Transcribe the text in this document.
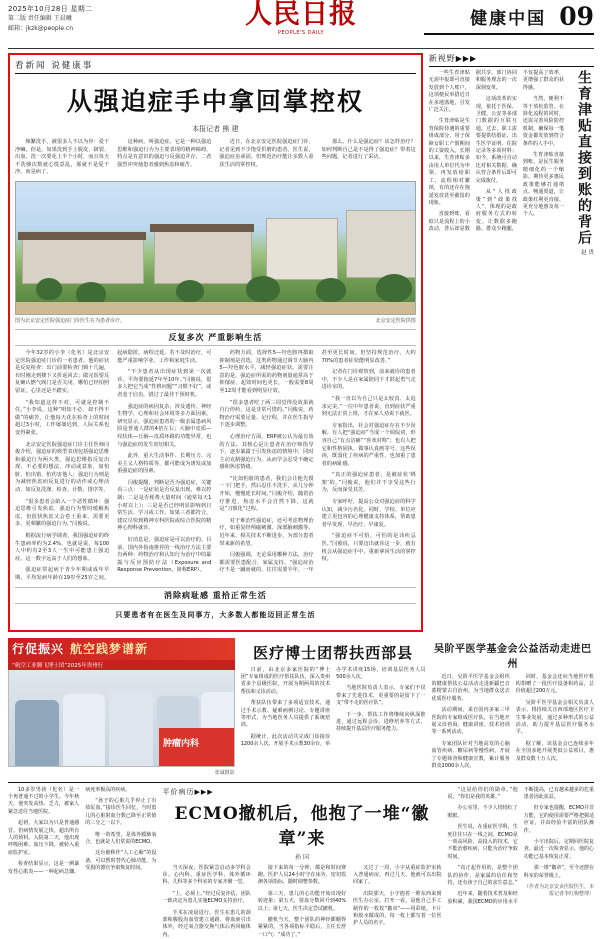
2025年10月28日 星期二
第二版 责任编辑 王晨曦
邮箱：jkzk@people.cn	人民日报
PEOPLE'S DAILY
健康中国 09
看新闻 说健康事
从强迫症手中拿回掌控权
本报记者 熊 建

频繁洗手，被很多人不以为异：爱干净嘛。但是，如果洗到手上脱皮、皲裂、出血，洗一次要花上半个小时，而且每天不洗够次数就心慌意乱，那就不是爱干净，而是病了。

这种病，叫强迫症。它是一种以强迫思维和强迫行为为主要表现的精神障碍，特点是有意识的强迫与反强迫并存，二者强烈冲突使患者感到焦虑和痛苦。

近日，在北京安定医院强迫症门诊，记者见到不少饱受折磨的患者。医生说，强迫症虽顽固，但规范治疗能让多数人重获生活的掌控权。

那么，什么是强迫症？该怎样治疗？如何判断自己是不是得了强迫症？带着这些问题，记者进行了采访。

图为北京安定医院强迫症门诊医生在为患者诊疗。	北京安定医院供图
反复多次 严重影响生活

今年32岁的小李（化名）是北京安定医院强迫症门诊的一名患者。他的症状是反复检查：出门前要检查门锁十几遍，有时刚走到楼下又折返回去；做完饭要反复确认燃气阀门是否关闭，哪怕已经拍照留证，心里还是不踏实。

“我知道这样不对，可就是控制不住。”小李说，这种“明知不必、却不得不做”的痛苦，让他每天花在检查上的时间超过3小时，工作屡屡迟到，人际关系也变得紧张。

北京安定医院强迫症门诊主任医师闫俊介绍，强迫症的典型表现包括强迫思维和强迫行为两大类。强迫思维指反复出现、不必要的想法、冲动或意象，如怕脏、怕出错、怕伤害他人；强迫行为则是为减轻焦虑而反复进行的动作或心理活动，如反复洗涤、检查、计数、排序等。

“很多患者会陷入一个恶性循环：强迫思维引发焦虑，强迫行为暂时缓解焦虑，但很快焦虑又会卷土重来，需要更多、更频繁的强迫行为。”闫俊说。

根据流行病学调查，我国强迫症的终生患病率约为2.4%，也就是说，每100人中约有2至3人一生中可能患上强迫症。这一数字远高于人们的想象。

强迫症常起病于青少年期或成年早期，平均发病年龄在19岁至25岁之间。起病隐匿，病程迁延，若不及时治疗，可能严重影响学业、工作和家庭生活。

“不少患者从出现症状到第一次就诊，平均要拖延7年至10年。”闫俊说，很多人把它当成“性格问题”“习惯不好”，或者羞于启齿，错过了最佳干预时机。

强迫症的病因复杂，涉及遗传、神经生物学、心理和社会环境等多方面因素。研究显示，强迫症患者的一级亲属患病风险是普通人群的4倍左右；大脑中皮质—纹状体—丘脑—皮质环路的功能异常，也与强迫症的发生密切相关。

此外，重大生活事件、长期压力、完美主义人格特质等，都可能成为诱发或加重强迫症的因素。

闫俊提醒，判断是否为强迫症，关键看三点：一是症状是否反复出现、难以控制；二是是否耗费大量时间（通常每天1小时以上）；三是是否已经明显影响到日常生活、学习或工作。如果三者都符合，建议尽快到精神专科医院或综合医院的精神心理科就诊。

好消息是，强迫症是可以治疗的。目前，国内外指南推荐的一线治疗方法主要有两种：药物治疗和认知行为治疗中的暴露与反应预防疗法（Exposure and Response Prevention，简称ERP）。

药物方面，选择性5—羟色胺再摄取抑制剂是首选。这类药物通过调节大脑内5—羟色胺水平，减轻强迫症状。需要注意的是，强迫症所需的药物剂量通常高于抑郁症，起效时间也更长，一般需要8周至12周才能看到明显疗效。

“很多患者吃了两三周觉得没效果就自行停药，这是非常可惜的。”闫俊说，药物治疗需要足量、足疗程，并在医生指导下逐步调整。

心理治疗方面，ERP被公认为最有效的方法。其核心是让患者在治疗师指导下，逐步暴露于引发焦虑的情境中，同时主动克制强迫行为，从而学会忍受不确定感和焦虑情绪。

“比如怕脏的患者，我们会让他先摸一下门把手，然后忍住不洗手，从几分钟开始，慢慢延长时间。”闫俊介绍，随着治疗推进，焦虑水平会自然下降，这就是“习惯化”过程。

对于难治性强迫症，还可考虑物理治疗，如重复经颅磁刺激、深部脑刺激等。近年来，相关技术不断进步，为部分患者带来新的希望。

闫俊强调，无论采用哪种方法，治疗都需要医患配合、家属支持。“强迫症治疗不是一蹴而就的，往往需要半年、一年甚至更长时间。但坚持规范治疗，大约70%的患者症状能明显改善。”

记者在门诊观察到，前来就诊的患者中，不少人是在家属陪同下才鼓起勇气走进诊室的。

“我一直以为自己只是太较真、太追求完美。”一位中年患者说，直到症状严重到无法正常上班，才在家人劝说下就医。

专家指出，社会对强迫症存在不少误解。有人把“强迫症”当成一个调侃词，形容自己“有点洁癖”“喜欢对称”；也有人把它和性格固执、做事认真画等号。这些误读，既弱化了疾病的严重性，也加重了患者的病耻感。

“真正的强迫症患者，是被症状‘绑架’的。”闫俊说，他们并不享受这些行为，反而深受其苦。

专家呼吁，提高公众对强迫症的科学认知，减少污名化。同时，学校、单位应建立更包容的心理健康支持体系，帮助患者早发现、早治疗、早康复。

“强迫症不可怕，可怕的是讳疾忌医。”闫俊说，只要迈出就诊这一步，就有机会从强迫症手中，重新拿回生活的掌控权。

消除病耻感 重拾正常生活
只要患者有在医生及同事方，大多数人都能迈回正常生活
新视野▶▶▶

一些生育津贴无需申报即可直接发放到个人账户，这项便民举措近日在多地落地，引发广泛关注。

生育津贴是生育保险待遇的重要组成部分，用于保障女职工产假期间的工资收入。长期以来，生育津贴多由用人单位代为申领、再发放给职工，流程相对繁琐，有的还存在拖延发放甚至截留的现象。

直接到账，看似只是流程上的小改动，背后却是数据共享、部门协同和服务理念的一次深刻变革。

这项改革的实现，依托于医保、卫健、公安等多部门数据的互联互通。过去，职工需要提供结婚证、出生医学证明、住院记录等多项材料；如今，系统可自动比对相关数据，确认符合条件后即可完成拨付。

从“人找政策”到“政策找人”，体现的是政府服务方式的转变。让数据多跑路、群众少跑腿，不仅提高了效率，更增强了群众的获得感。

当然，便利不等于放松监管。在简化流程的同时，还需完善风险防控机制，确保每一笔资金都发放到符合条件的人手中。

生育津贴直接到账，是民生服务精细化的一个缩影。期待更多惠民政策能够打通堵点、畅通渠道，让政策红利更直接、更充分地惠及每一个人。	生育津贴直接到账的背后
赵 贵
行促振兴 航空践梦谱新
“航空工业腾飞博士团”2025年贵州行
肿瘤内科
张诚摄影
医疗博士团帮扶西部县

日前，由北京多家医院的“博士团”专家组成的医疗帮扶队伍，深入贵州省多个县级医院，开展为期两周的技术帮扶和义诊活动。

帮扶队伍带来了多项适宜技术，通过手术示教、疑难病例讨论、专题讲座等形式，为当地医务人员提供了系统培训。

据统计，此次活动共完成门诊接诊1200余人次，开展手术示教30余台，举办学术讲座15场，培训基层医务人员500余人次。

当地医院负责人表示，专家们不仅带来了先进技术，更重要的是留下了一支“带不走的医疗队”。

下一步，帮扶工作将继续向纵深推进，通过远程会诊、进修培养等方式，持续提升基层医疗服务能力。

吴阶平医学基金会公益活动走进巴州

近日，吴阶平医学基金会组织的健康帮扶公益活动走进新疆巴音郭楞蒙古自治州，为当地群众送去优质医疗服务。

活动期间，来自国内多家三甲医院的专家组成医疗队，在当地开展义诊咨询、健康讲座、技术培训等一系列活动。

专家团队针对当地高发的心脑血管疾病、糖尿病等慢性病，开展了专题筛查和健康宣教，累计服务群众2000余人次。

同时，基金会还向当地医疗机构捐赠了一批医疗设备和药品，总价值超过200万元。

吴阶平医学基金会相关负责人表示，将持续关注西部地区医疗卫生事业发展，通过多种形式的公益活动，助力提升基层医疗服务水平。

据了解，该基金会已连续多年在全国多地开展类似公益项目，惠及群众数十万人次。

10多岁男孩（化名）是一个再普通不过的小学生。今年秋天，他突发高热、乏力，被家人紧急送往当地医院。

起初，大家以为只是普通感冒。但病情发展之快，超出所有人的预料。入院第二天，他出现呼吸困难、血压下降，被转入重症监护室。

检查结果显示，这是一例暴发性心肌炎——一种起病急骤、病死率极高的疾病。

“孩子的心脏几乎停止了有效泵血。”接诊医生回忆，当时患儿的心脏射血分数已降至正常值的三分之一以下。

唯一的希望，是体外膜肺氧合，也就是人们常说的ECMO。

这台被称作“人工心肺”的设备，可以暂时替代心肺功能，为受损的器官争取恢复时间。

平价病历▶▶▶
ECMO撤机后，他抱了一堆“徽章”来
孙 国

当天深夜，医院紧急启动多学科会诊。心内科、重症医学科、体外循环科、儿科等多个科室的专家齐聚一堂。

“上，必须上。”经过反复评估，团队一致决定为患儿实施ECMO支持治疗。

手术在凌晨进行。医生在患儿的颈部和腹股沟血管建立通路，将血液引出体外，经过氧合器交换气体后再回输体内。

接下来的每一分钟，都是和时间赛跑。医护人员24小时守在床旁，密切监测各项指标，随时调整参数。

第三天，患儿的心功能开始出现好转迹象；第五天，射血分数回升到40%以上；第七天，医生决定尝试撤机。

撤机当天，整个团队的神经都绷得紧紧的。当各项指标平稳后，主任长舒一口气：“成功了。”

又过了一周，小宇从重症监护室转入普通病房。再过几天，他就可以出院回家了。

出院那天，小宇抱着一堆东西来到医生办公室。打开一看，是他自己手工制作的一枚枚“徽章”——用彩纸、卡片和胶水做成的，每一枚上都写着一位医护人员的名字。

“这是给你们的勋章。”他说，“你们是我的英雄。”

办公室里，不少人悄悄红了眼眶。

医生说，在重症医学科，生死往往只在一线之间。ECMO是一项高风险、高投入的技术，它不能治愈疾病，只能为治疗争取时间。

“真正起作用的，是整个团队的协作，是家属的信任和坚持，还有孩子自己的求生意志。”

近年来，随着技术普及和经验积累，我国ECMO的应用水平不断提高，已有越来越多的危重患者因此获益。

但专家也提醒，ECMO并非万能，它的使用需要严格把握适应证，并由经验丰富的团队操作。

小宇出院后，定期回医院复查。最近一次检查显示，他的心功能已基本恢复正常。

那一堆“徽章”，至今还摆在科室的荣誉墙上。

（作者为北京安贞医院医生，本报记者李红梅整理）
